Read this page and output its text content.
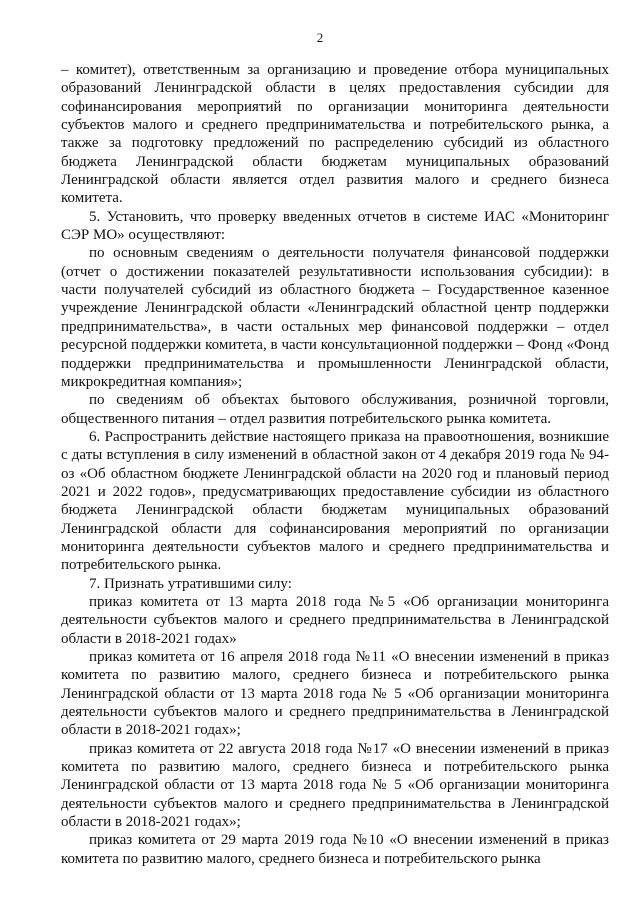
2

– комитет), ответственным за организацию и проведение отбора муниципальных образований Ленинградской области в целях предоставления субсидии для софинансирования мероприятий по организации мониторинга деятельности субъектов малого и среднего предпринимательства и потребительского рынка, а также за подготовку предложений по распределению субсидий из областного бюджета Ленинградской области бюджетам муниципальных образований Ленинградской области является отдел развития малого и среднего бизнеса комитета.

5. Установить, что проверку введенных отчетов в системе ИАС «Мониторинг СЭР МО» осуществляют:

по основным сведениям о деятельности получателя финансовой поддержки (отчет о достижении показателей результативности использования субсидии): в части получателей субсидий из областного бюджета – Государственное казенное учреждение Ленинградской области «Ленинградский областной центр поддержки предпринимательства», в части остальных мер финансовой поддержки – отдел ресурсной поддержки комитета, в части консультационной поддержки – Фонд «Фонд поддержки предпринимательства и промышленности Ленинградской области, микрокредитная компания»;

по сведениям об объектах бытового обслуживания, розничной торговли, общественного питания – отдел развития потребительского рынка комитета.

6. Распространить действие настоящего приказа на правоотношения, возникшие с даты вступления в силу изменений в областной закон от 4 декабря 2019 года № 94-оз «Об областном бюджете Ленинградской области на 2020 год и плановый период 2021 и 2022 годов», предусматривающих предоставление субсидии из областного бюджета Ленинградской области бюджетам муниципальных образований Ленинградской области для софинансирования мероприятий по организации мониторинга деятельности субъектов малого и среднего предпринимательства и потребительского рынка.

7. Признать утратившими силу:

приказ комитета от 13 марта 2018 года №5 «Об организации мониторинга деятельности субъектов малого и среднего предпринимательства в Ленинградской области в 2018-2021 годах»

приказ комитета от 16 апреля 2018 года №11 «О внесении изменений в приказ комитета по развитию малого, среднего бизнеса и потребительского рынка Ленинградской области от 13 марта 2018 года № 5 «Об организации мониторинга деятельности субъектов малого и среднего предпринимательства в Ленинградской области в 2018-2021 годах»;

приказ комитета от 22 августа 2018 года №17 «О внесении изменений в приказ комитета по развитию малого, среднего бизнеса и потребительского рынка Ленинградской области от 13 марта 2018 года № 5 «Об организации мониторинга деятельности субъектов малого и среднего предпринимательства в Ленинградской области в 2018-2021 годах»;

приказ комитета от 29 марта 2019 года №10 «О внесении изменений в приказ комитета по развитию малого, среднего бизнеса и потребительского рынка
